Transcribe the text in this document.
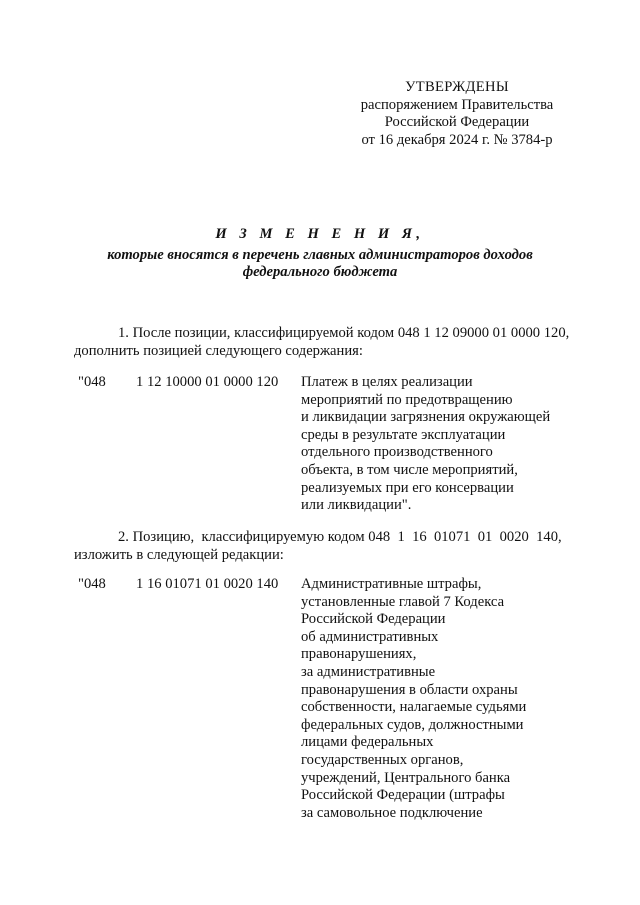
УТВЕРЖДЕНЫ
распоряжением Правительства
Российской Федерации
от 16 декабря 2024 г. № 3784-р
И З М Е Н Е Н И Я,
которые вносятся в перечень главных администраторов доходов
федерального бюджета
1. После позиции, классифицируемой кодом 048 1 12 09000 01 0000 120,
дополнить позицией следующего содержания:
"048 1 12 10000 01 0000 120 Платеж в целях реализации
мероприятий по предотвращению
и ликвидации загрязнения окружающей
среды в результате эксплуатации
отдельного производственного
объекта, в том числе мероприятий,
реализуемых при его консервации
или ликвидации".
2. Позицию,  классифицируемую кодом 048  1  16  01071  01  0020  140,
изложить в следующей редакции:
"048 1 16 01071 01 0020 140 Административные штрафы,
установленные главой 7 Кодекса
Российской Федерации
об административных
правонарушениях,
за административные
правонарушения в области охраны
собственности, налагаемые судьями
федеральных судов, должностными
лицами федеральных
государственных органов,
учреждений, Центрального банка
Российской Федерации (штрафы
за самовольное подключение
